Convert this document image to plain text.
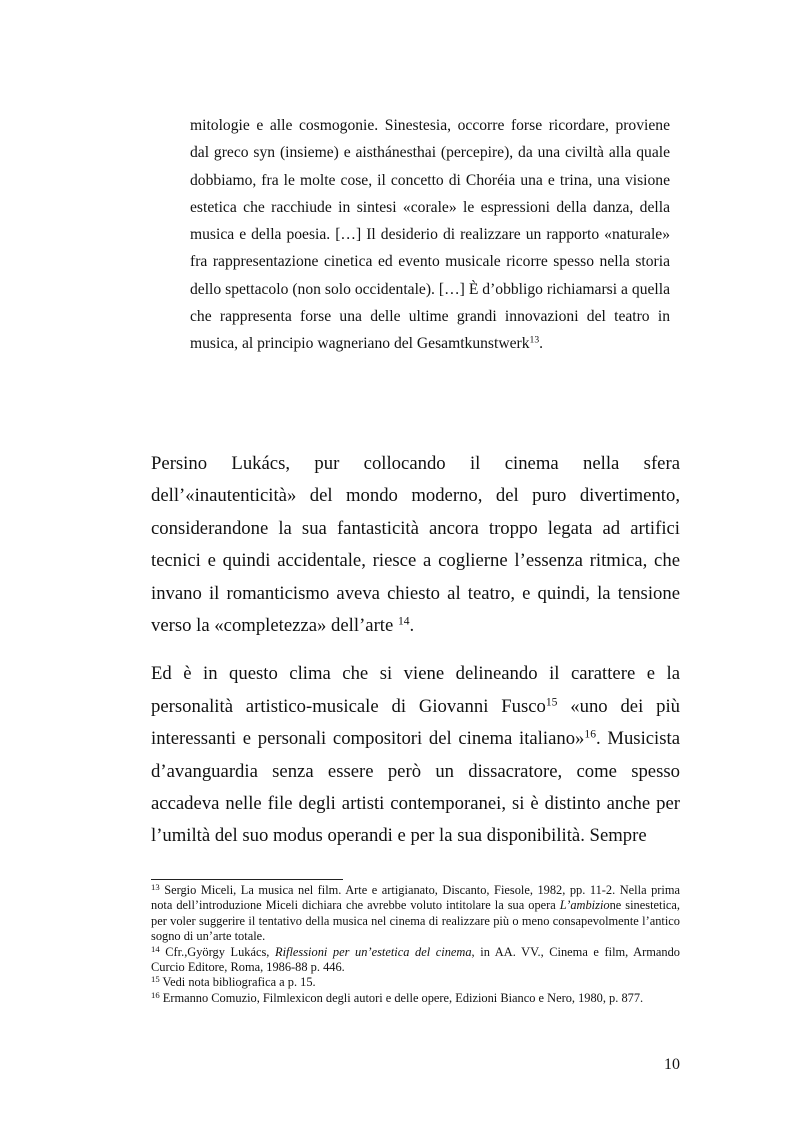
mitologie e alle cosmogonie. Sinestesia, occorre forse ricordare, proviene dal greco syn (insieme) e aisthánesthai (percepire), da una civiltà alla quale dobbiamo, fra le molte cose, il concetto di Choréia una e trina, una visione estetica che racchiude in sintesi «corale» le espressioni della danza, della musica e della poesia. […] Il desiderio di realizzare un rapporto «naturale» fra rappresentazione cinetica ed evento musicale ricorre spesso nella storia dello spettacolo (non solo occidentale). […] È d’obbligo richiamarsi a quella che rappresenta forse una delle ultime grandi innovazioni del teatro in musica, al principio wagneriano del Gesamtkunstwerk$^{13}$.

Persino Lukács, pur collocando il cinema nella sfera dell’«inautenticità» del mondo moderno, del puro divertimento, considerandone la sua fantasticità ancora troppo legata ad artifici tecnici e quindi accidentale, riesce a coglierne l’essenza ritmica, che invano il romanticismo aveva chiesto al teatro, e quindi, la tensione verso la «completezza» dell’arte $^{14}$.

Ed è in questo clima che si viene delineando il carattere e la personalità artistico-musicale di Giovanni Fusco$^{15}$ «uno dei più interessanti e personali compositori del cinema italiano»$^{16}$. Musicista d’avanguardia senza essere però un dissacratore, come spesso accadeva nelle file degli artisti contemporanei, si è distinto anche per l’umiltà del suo modus operandi e per la sua disponibilità. Sempre

$^{13}$ Sergio Miceli, La musica nel film. Arte e artigianato, Discanto, Fiesole, 1982, pp. 11-2. Nella prima nota dell’introduzione Miceli dichiara che avrebbe voluto intitolare la sua opera L’ambizione sinestetica, per voler suggerire il tentativo della musica nel cinema di realizzare più o meno consapevolmente l’antico sogno di un’arte totale.

$^{14}$ Cfr.,György Lukács, Riflessioni per un’estetica del cinema, in AA. VV., Cinema e film, Armando Curcio Editore, Roma, 1986-88 p. 446.

$^{15}$ Vedi nota bibliografica a p. 15.

$^{16}$ Ermanno Comuzio, Filmlexicon degli autori e delle opere, Edizioni Bianco e Nero, 1980, p. 877.

10
